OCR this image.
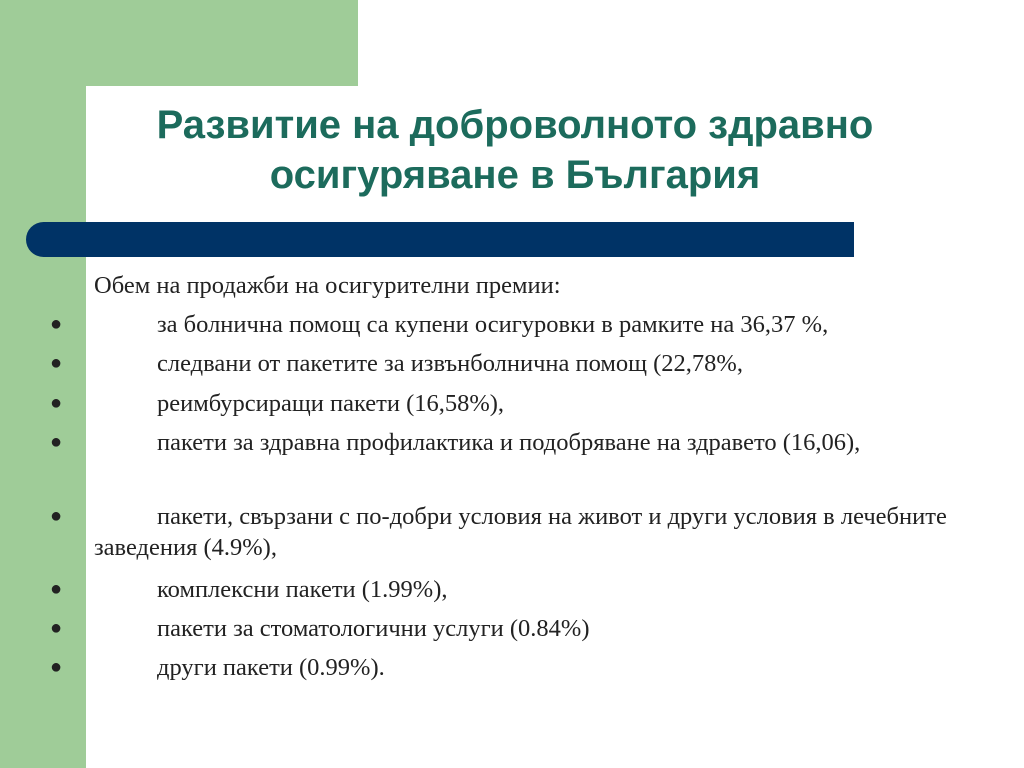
Развитие на доброволното здравно
осигуряване в България

Обем на продажби на осигурителни премии:

●	за болнична помощ са купени осигуровки в рамките на 36,37 %,
●	следвани от пакетите за извънболнична помощ (22,78%,
●	реимбурсиращи пакети (16,58%),
●	пакети за здравна профилактика и подобряване на здравето (16,06),
●	пакети, свързани с по-добри условия на живот и други условия в лечебните заведения (4.9%),
●	комплексни пакети (1.99%),
●	пакети за стоматологични услуги (0.84%)
●	други пакети (0.99%).
